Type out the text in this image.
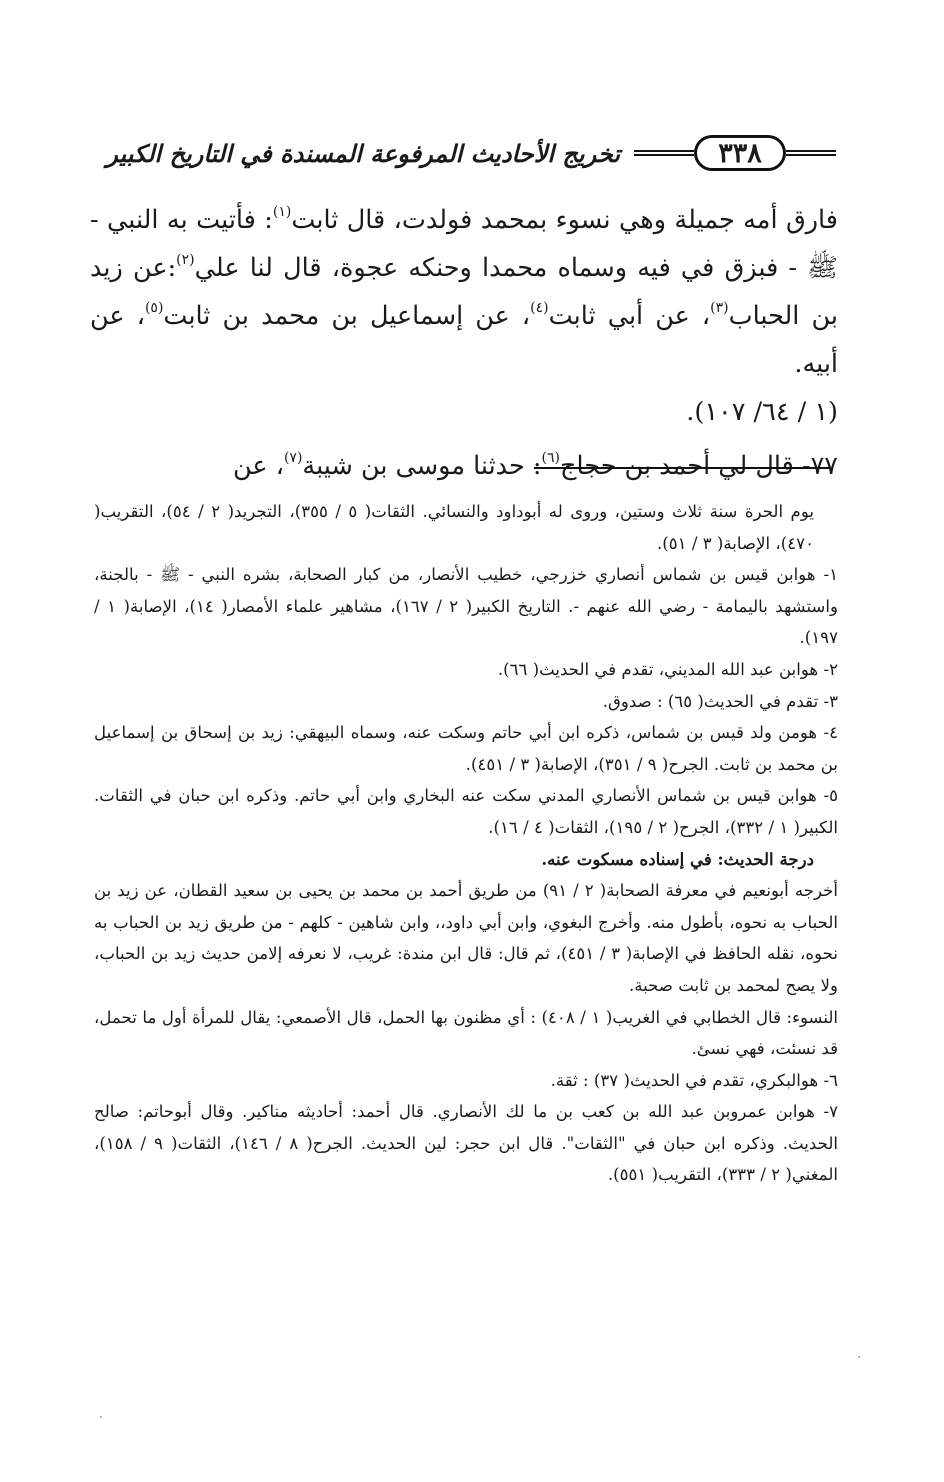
٣٣٨
تخريج الأحاديث المرفوعة المسندة في التاريخ الكبير

فارق أمه جميلة وهي نسوء بمحمد فولدت، قال ثابت$^{(١)}$: فأتيت به النبي - ﷺ - فبزق في فيه وسماه محمدا وحنكه عجوة، قال لنا علي$^{(٢)}$:عن زيد بن الحباب$^{(٣)}$، عن أبي ثابت$^{(٤)}$، عن إسماعيل بن محمد بن ثابت$^{(٥)}$، عن أبيه.
(١ / ٦٤/ ١٠٧).

٧٧- قال لي أحمد بن حجاج$^{(٦)}$: حدثنا موسى بن شيبة$^{(٧)}$، عن

يوم الحرة سنة ثلاث وستين، وروى له أبوداود والنسائي. الثقات( ٥ / ٣٥٥)، التجريد( ٢ / ٥٤)، التقريب( ٤٧٠)، الإصابة( ٣ / ٥١).

١- هوابن قيس بن شماس أنصاري خزرجي، خطيب الأنصار، من كبار الصحابة، بشره النبي - ﷺ - بالجنة، واستشهد باليمامة - رضي الله عنهم -. التاريخ الكبير( ٢ / ١٦٧)، مشاهير علماء الأمصار( ١٤)، الإصابة( ١ / ١٩٧).

٢- هوابن عبد الله المديني، تقدم في الحديث( ٦٦).

٣- تقدم في الحديث( ٦٥) : صدوق.

٤- هومن ولد قيس بن شماس، ذكره ابن أبي حاتم وسكت عنه، وسماه البيهقي: زيد بن إسحاق بن إسماعيل بن محمد بن ثابت. الجرح( ٩ / ٣٥١)، الإصابة( ٣ / ٤٥١).

٥- هوابن قيس بن شماس الأنصاري المدني سكت عنه البخاري وابن أبي حاتم. وذكره ابن حبان في الثقات. الكبير( ١ / ٣٣٢)، الجرح( ٢ / ١٩٥)، الثقات( ٤ / ١٦).

درجة الحديث: في إسناده مسكوت عنه.

أخرجه أبونعيم في معرفة الصحابة( ٢ / ٩١) من طريق أحمد بن محمد بن يحيى بن سعيد القطان، عن زيد بن الحباب به نحوه، بأطول منه. وأخرج البغوي، وابن أبي داود،، وابن شاهين - كلهم - من طريق زيد بن الحباب به نحوه، نقله الحافظ في الإصابة( ٣ / ٤٥١)، ثم قال: قال ابن مندة: غريب، لا نعرفه إلامن حديث زيد بن الحباب، ولا يصح لمحمد بن ثابت صحبة.

النسوء: قال الخطابي في الغريب( ١ / ٤٠٨) : أي مظنون بها الحمل، قال الأصمعي: يقال للمرأة أول ما تحمل، قد نسئت، فهي نسئ.

٦- هوالبكري، تقدم في الحديث( ٣٧) : ثقة.

٧- هوابن عمروبن عبد الله بن كعب بن ما لك الأنصاري. قال أحمد: أحاديثه مناكير. وقال أبوحاتم: صالح الحديث. وذكره ابن حبان في "الثقات". قال ابن حجر: لين الحديث. الجرح( ٨ / ١٤٦)، الثقات( ٩ / ١٥٨)، المغني( ٢ / ٣٣٣)، التقريب( ٥٥١).
